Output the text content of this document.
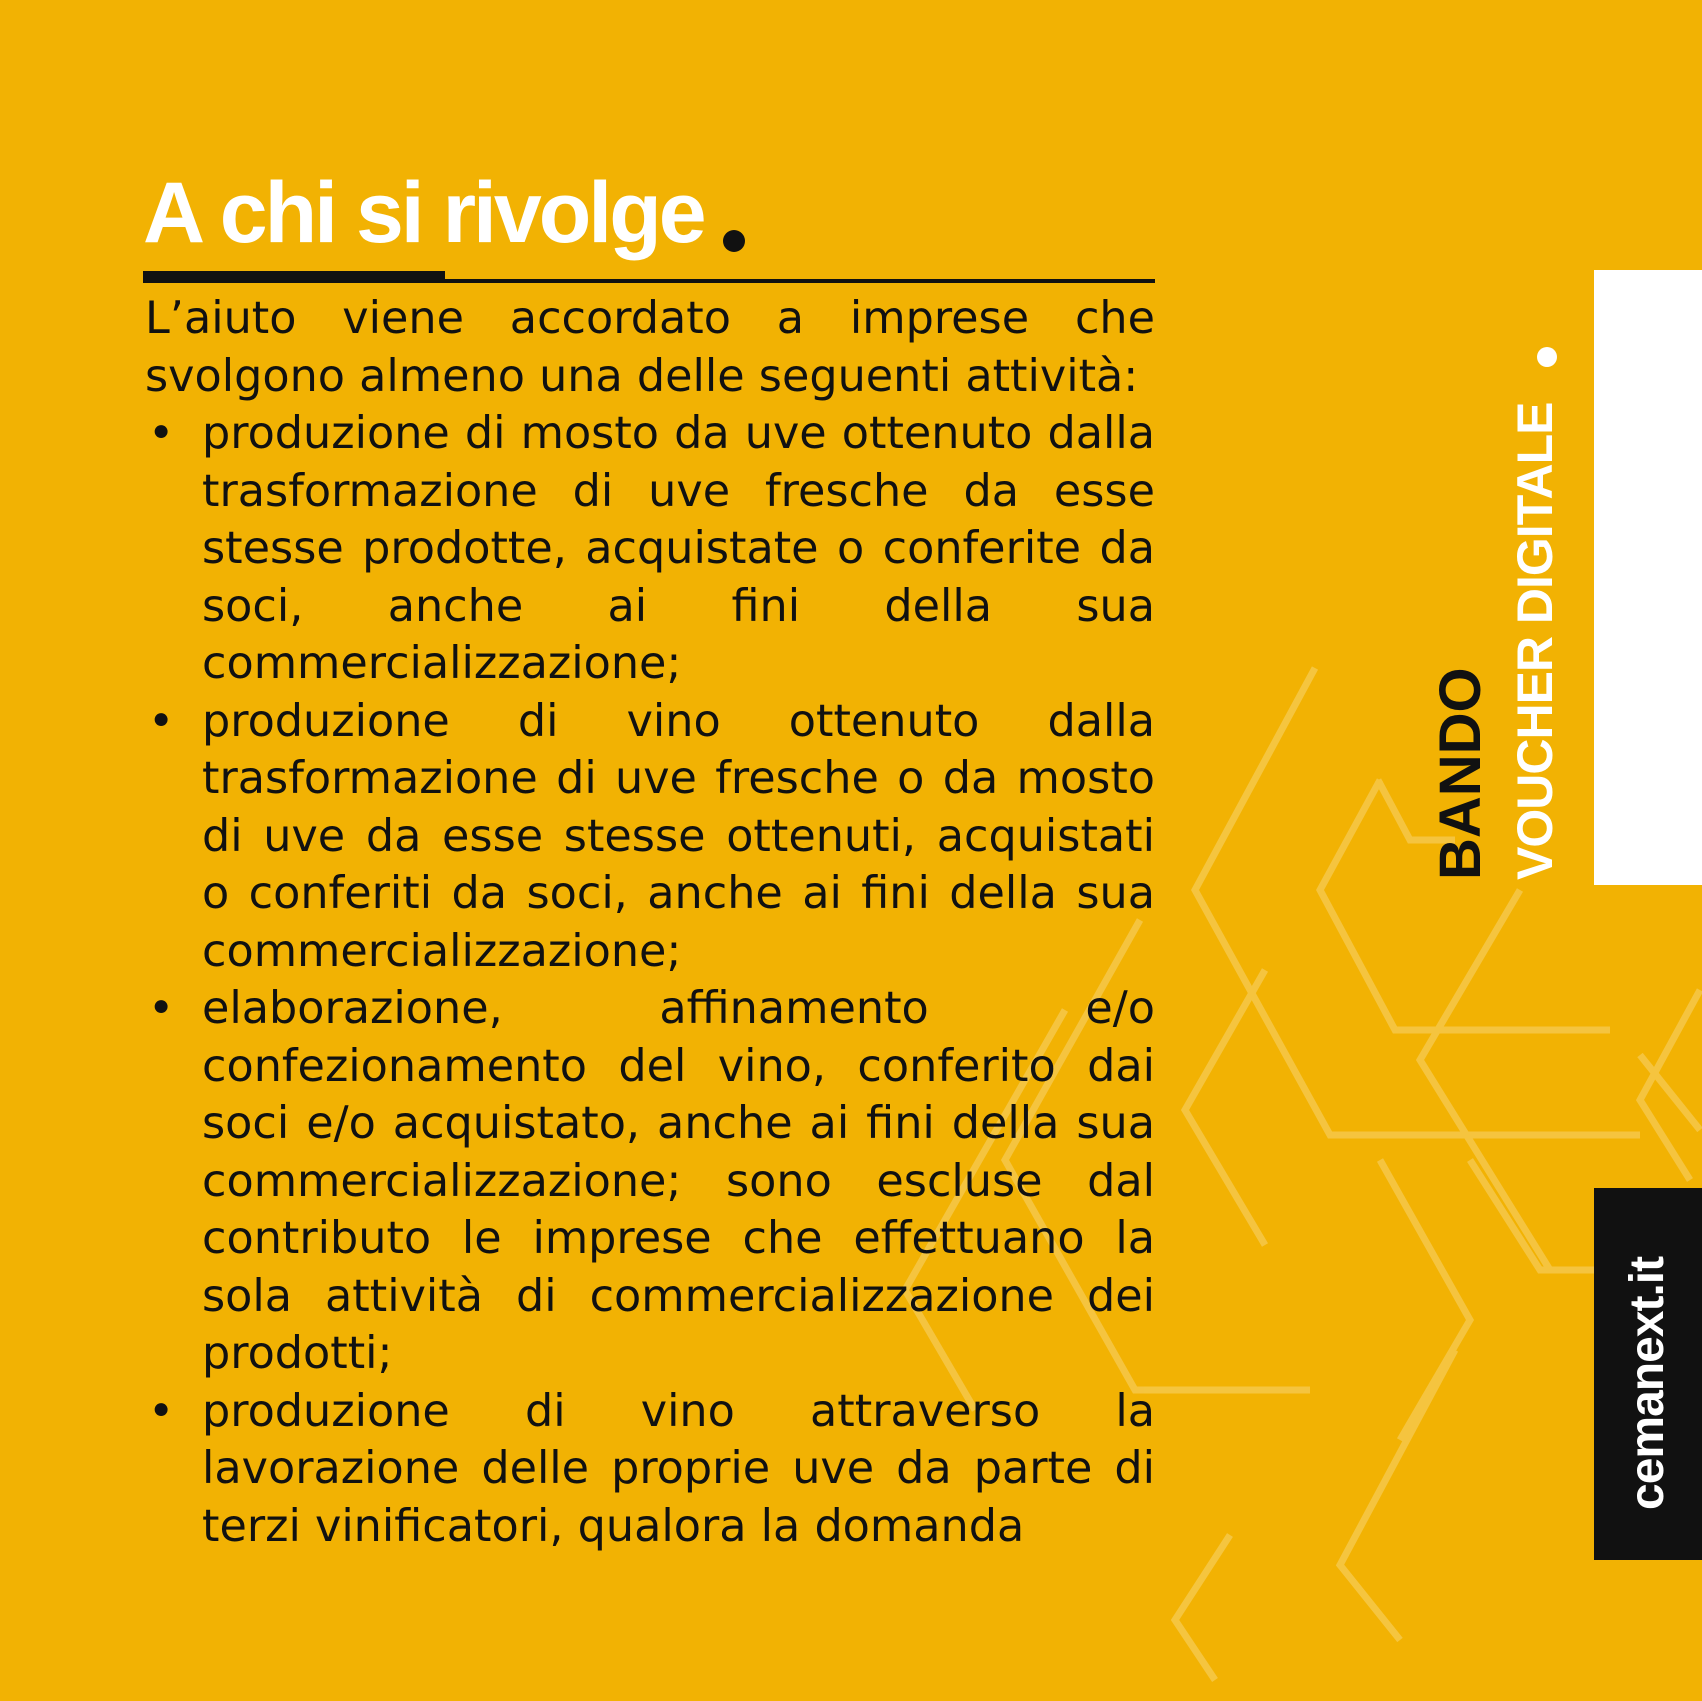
A chi si rivolge

L’aiuto viene accordato a imprese che svolgono almeno una delle seguenti attività:

• produzione di mosto da uve ottenuto dalla trasformazione di uve fresche da esse stesse prodotte, acquistate o conferite da soci, anche ai fini della sua commercializzazione;
• produzione di vino ottenuto dalla trasformazione di uve fresche o da mosto di uve da esse stesse ottenuti, acquistati o conferiti da soci, anche ai fini della sua commercializzazione;
• elaborazione, affinamento e/o confezionamento del vino, conferito dai soci e/o acquistato, anche ai fini della sua commercializzazione; sono escluse dal contributo le imprese che effettuano la sola attività di commercializzazione dei prodotti;
• produzione di vino attraverso la lavorazione delle proprie uve da parte di terzi vinificatori, qualora la domanda
BANDO VOUCHER DIGITALE
cemanext.it
